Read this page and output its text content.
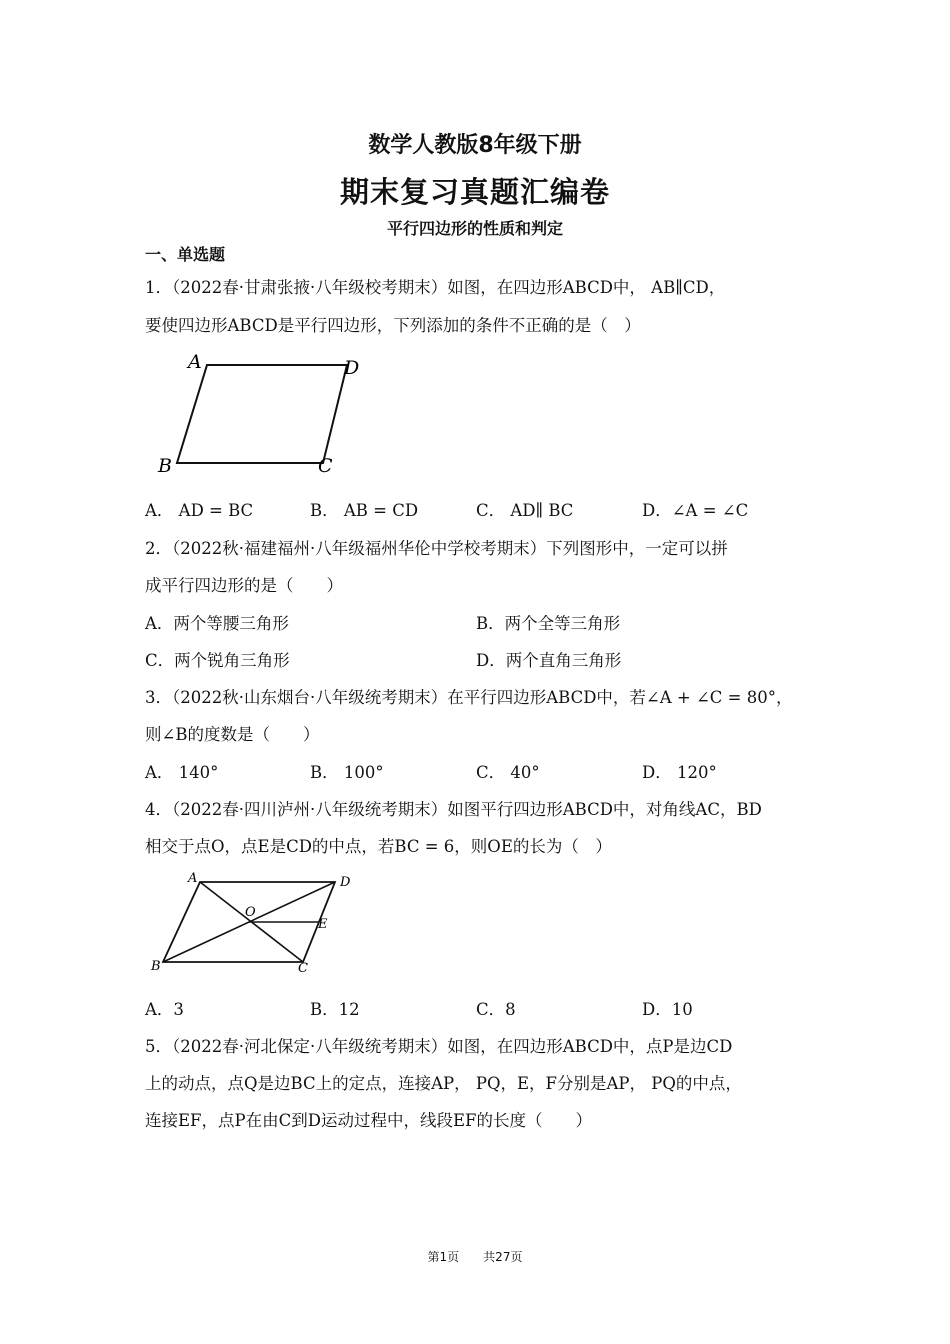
数学人教版8年级下册
期末复习真题汇编卷
平行四边形的性质和判定
一、单选题
1．（2022春·甘肃张掖·八年级校考期末）如图，在四边形ABCD中， AB∥CD，
要使四边形ABCD是平行四边形，下列添加的条件不正确的是（　）
A	D
B	C
A． AD = BC	B． AB = CD	C． AD∥ BC	D．∠A = ∠C
2．（2022秋·福建福州·八年级福州华伦中学校考期末）下列图形中，一定可以拼
成平行四边形的是（　　）
A．两个等腰三角形	B．两个全等三角形
C．两个锐角三角形	D．两个直角三角形
3．（2022秋·山东烟台·八年级统考期末）在平行四边形ABCD中，若∠A + ∠C = 80°，
则∠B的度数是（　　）
A． 140°	B． 100°	C． 40°	D． 120°
4．（2022春·四川泸州·八年级统考期末）如图平行四边形ABCD中，对角线AC，BD
相交于点O，点E是CD的中点，若BC = 6，则OE的长为（　）
A	D
O
E
B	C
A．3	B．12	C．8	D．10
5．（2022春·河北保定·八年级统考期末）如图，在四边形ABCD中，点P是边CD
上的动点，点Q是边BC上的定点，连接AP， PQ，E，F分别是AP， PQ的中点，
连接EF，点P在由C到D运动过程中，线段EF的长度（　　）
第1页　　共27页
